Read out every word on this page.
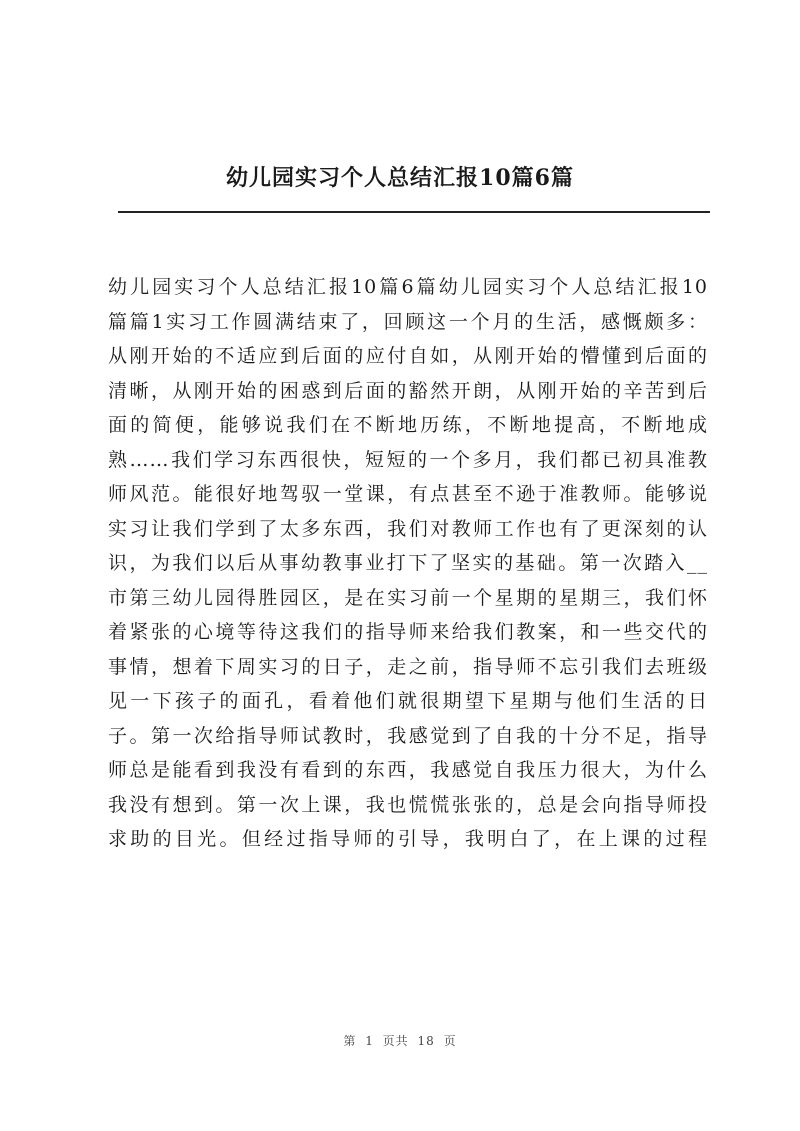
幼儿园实习个人总结汇报10篇6篇
幼儿园实习个人总结汇报10篇6篇幼儿园实习个人总结汇报10
篇篇1实习工作圆满结束了，回顾这一个月的生活，感慨颇多：
从刚开始的不适应到后面的应付自如，从刚开始的懵懂到后面的
清晰，从刚开始的困惑到后面的豁然开朗，从刚开始的辛苦到后
面的简便，能够说我们在不断地历练，不断地提高，不断地成
熟……我们学习东西很快，短短的一个多月，我们都已初具准教
师风范。能很好地驾驭一堂课，有点甚至不逊于准教师。能够说
实习让我们学到了太多东西，我们对教师工作也有了更深刻的认
识，为我们以后从事幼教事业打下了坚实的基础。第一次踏入__
市第三幼儿园得胜园区，是在实习前一个星期的星期三，我们怀
着紧张的心境等待这我们的指导师来给我们教案，和一些交代的
事情，想着下周实习的日子，走之前，指导师不忘引我们去班级
见一下孩子的面孔，看着他们就很期望下星期与他们生活的日
子。第一次给指导师试教时，我感觉到了自我的十分不足，指导
师总是能看到我没有看到的东西，我感觉自我压力很大，为什么
我没有想到。第一次上课，我也慌慌张张的，总是会向指导师投
求助的目光。但经过指导师的引导，我明白了，在上课的过程
第 1 页共 18 页
